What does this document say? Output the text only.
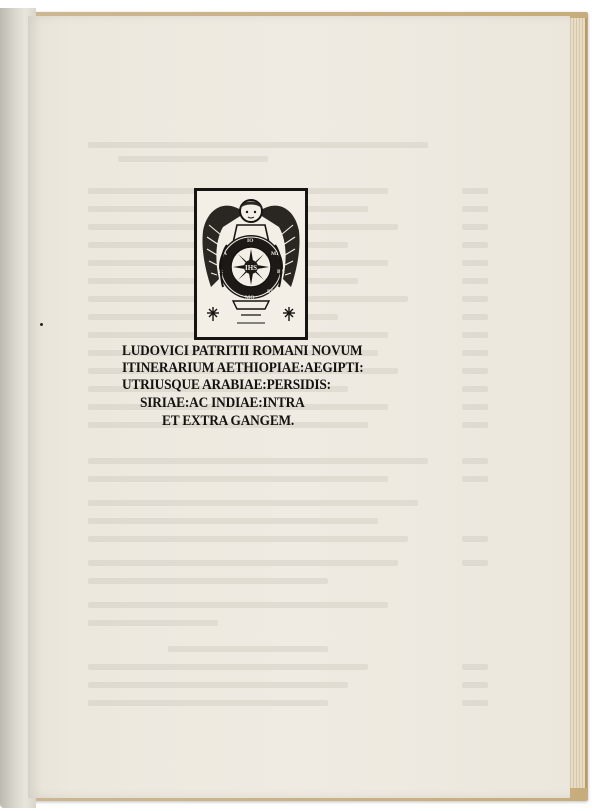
IHS
IO
MI
BA
RO
MO
E
R
A
LUDOVICI PATRITII ROMANI NOVUM
ITINERARIUM AETHIOPIAE:AEGIPTI:
UTRIUSQUE ARABIAE:PERSIDIS:
SIRIAE:AC INDIAE:INTRA
ET EXTRA GANGEM.
